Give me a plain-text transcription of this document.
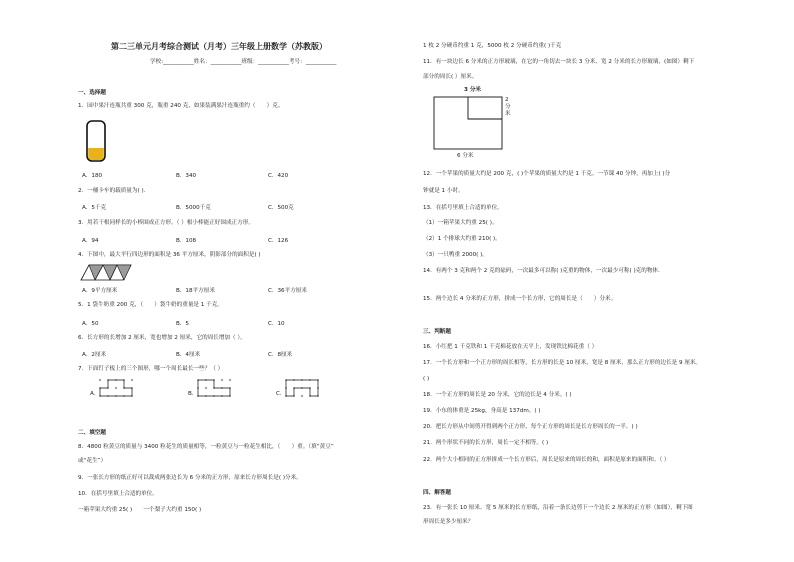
第二三单元月考综合测试（月考）三年级上册数学（苏教版）
学校:___________姓名：___________班级：___________考号：___________
一、选择题
1．园中果汁连瓶共重 300 克，瓶重 240 克，如果装满果汁连瓶重约（　　）克。
A．180	B．340	C．420
2．一桶卡车的载质量为( ).
A．5千克	B．5000千克	C．500克
3．用若干根同样长的小棒围成正方形。（ ）根小棒能正好围成正方形。
A．94	B．108	C．126
4．下图中，最大平行四边形的面积是 36 平方厘米，阴影部分的面积是( )
A．9平方厘米	B．18平方厘米	C．36平方厘米
5．1 袋牛奶重 200 克，（　　）袋牛奶的重量是 1 千克。
A．50	B．5	C．10
6．长方形的长增加 2 厘米，宽也增加 2 厘米，它的周长增加（ ）。
A．2厘米	B．4厘米	C．8厘米
7．下面钉子板上的三个图形，哪一个周长最长一些？（ ）
A．	B．	C．
二、填空题
8．4800 粒黄豆的质量与 3400 粒花生的质量相等，一粒黄豆与一粒花生相比，（　　）重。（填“黄豆”
或“花生”）
9．一张长方形的纸正好可以裁成两张边长为 6 分米的正方形，原来长方形周长是( )分米。
10．在括号里填上合适的单位。
一箱苹果大约重 25( )　　一个梨子大约重 150( )
1 枚 2 分硬币约重 1 克，5000 枚 2 分硬币约重( )千克
11．有一块边长 6 分米的正方形玻璃，在它的一角切去一块长 3 分米、宽 2 分米的长方形玻璃，(如图）剩下
部分的周长( ）厘米。
3 分米
2
分
米
6 分米
12．一个苹果的质量大约是 200 克，( )个苹果的质量大约是 1 千克。一节课 40 分钟，再加上( )分
钟就是 1 小时。
13．在括号里填上合适的单位。
（1）一箱苹果大约重 25( )。
（2）1 个排球大约重 210( )。
（3）一只鸭重 2000( )。
14．有两个 3 克和两个 2 克的砝码，一次最多可以称( )克重的物体，一次最少可称( )克的物体.
15．两个边长 4 分米的正方形，拼成一个长方形，它的周长是（　　）分米。
三、判断题
16．小红把 1 千克铁和 1 千克棉花放在天平上，发现铁比棉花重（ ）
17．一个长方形和一个正方形的周长相等，长方形的长是 10 厘米，宽是 8 厘米，那么正方形的边长是 9 厘米。
( )
18．一个正方形的周长是 20 分米，它的边长是 4 分米。( )
19．小东的体重是 25kg，身高是 137dm。( )
20．把长方形从中间剪开得到两个正方形，每个正方形的周长是长方形周长的一半。( )
21．两个形状不同的长方形，周长一定不相等。( )
22．两个大小相同的正方形拼成一个长方形后，周长是原来的周长的和，面积是原来的面积和。（ ）
四、解答题
23．有一张长 10 厘米、宽 5 厘米的长方形纸，沿着一条长边剪下一个边长 2 厘米的正方形（如图），剩下图
形周长是多少厘米？
